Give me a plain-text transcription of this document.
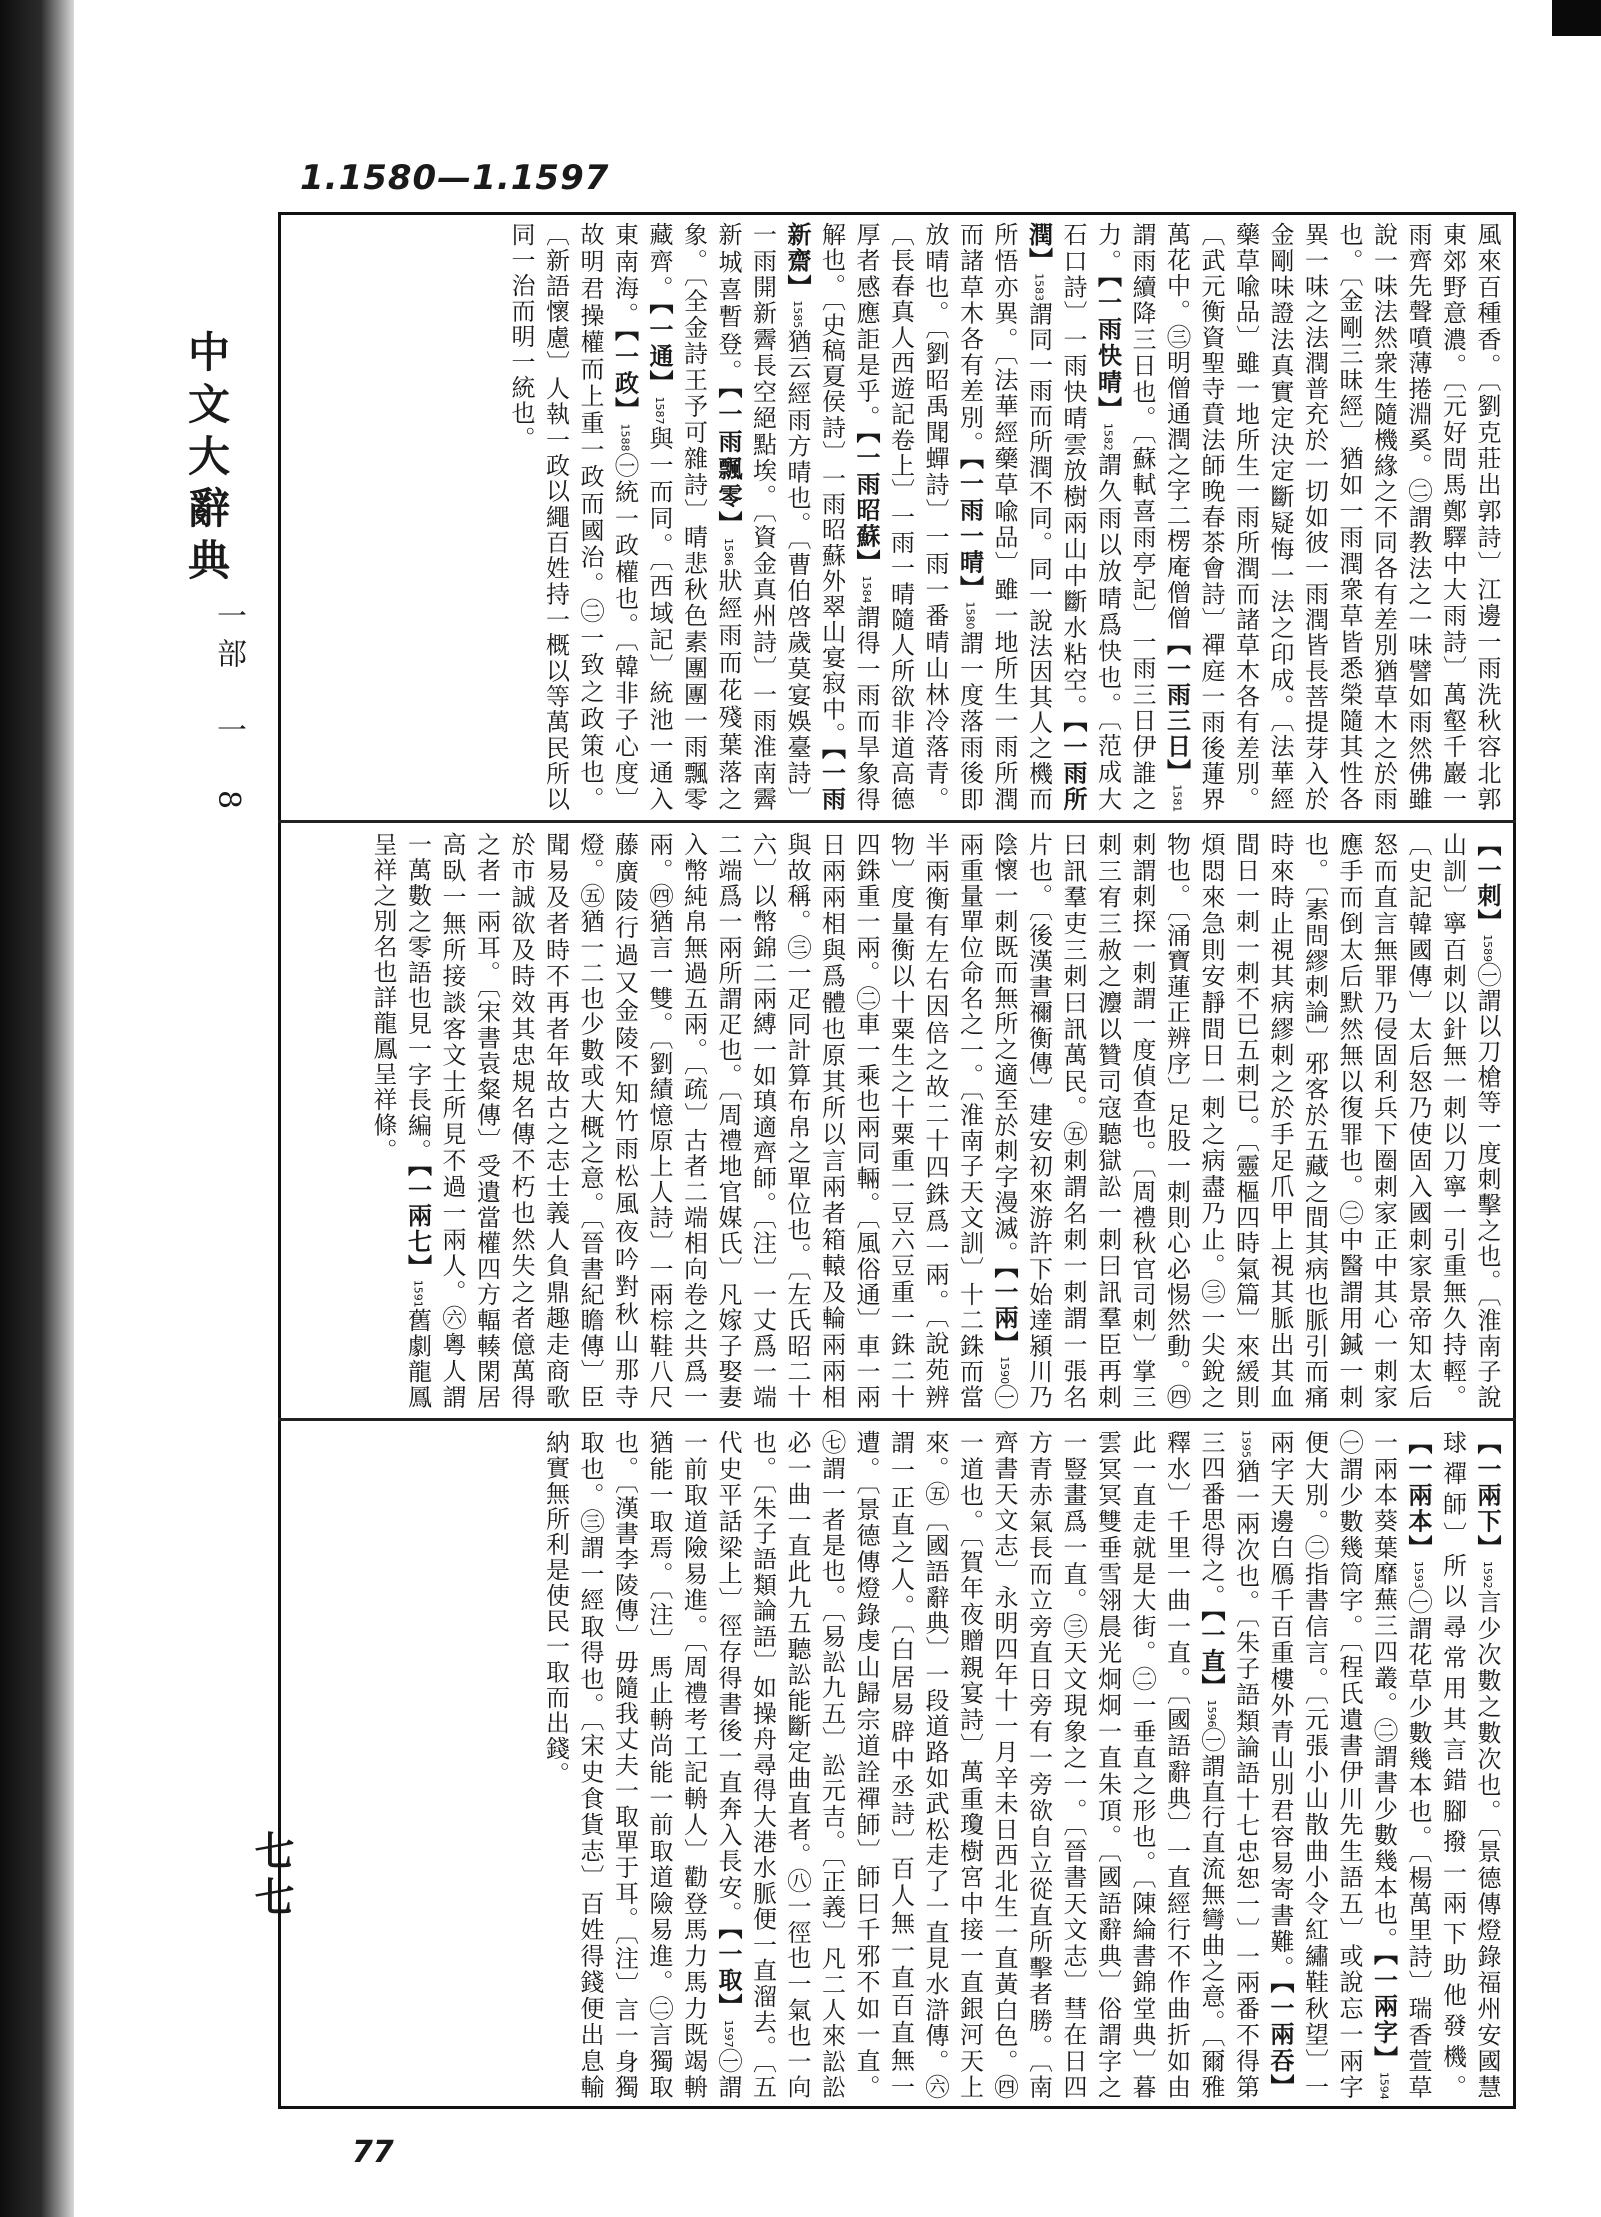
1.1580—1.1597
中文大辭典
一部　一　8
七七
77
風來百種香。〔劉克莊出郭詩〕江邊一雨洗秋容北郭東郊野意濃。〔元好問馬鄭驛中大雨詩〕萬壑千巖一雨齊先聲噴薄捲淵奚。㊁謂教法之一味譬如雨然佛雖說一味法然衆生隨機緣之不同各有差別猶草木之於雨也。〔金剛三昧經〕猶如一雨潤衆草皆悉榮隨其性各異一味之法潤普充於一切如彼一雨潤皆長菩提芽入於金剛味證法真實定決定斷疑悔一法之印成。〔法華經藥草喩品〕雖一地所生一雨所潤而諸草木各有差別。〔武元衡資聖寺賁法師晚春茶會詩〕禪庭一雨後蓮界萬花中。㊂明僧通潤之字二楞庵僧僧【一雨三日】1581謂雨續降三日也。〔蘇軾喜雨亭記〕一雨三日伊誰之力。【一雨快晴】1582謂久雨以放晴爲快也。〔范成大石口詩〕一雨快晴雲放樹兩山中斷水粘空。【一雨所潤】1583謂同一雨而所潤不同。同一說法因其人之機而所悟亦異。〔法華經藥草喩品〕雖一地所生一雨所潤而諸草木各有差別。【一雨一晴】1580謂一度落雨後即放晴也。〔劉昭禹聞蟬詩〕一雨一番晴山林冷落青。〔長春真人西遊記卷上〕一雨一晴隨人所欲非道高德厚者感應詎是乎。【一雨昭蘇】1584謂得一雨而旱象得解也。〔史稿夏侯詩〕一雨昭蘇外翠山宴寂中。【一雨新齋】1585猶云經雨方晴也。〔曹伯啓歲莫宴娛臺詩〕一雨開新霽長空絕點埃。〔資金真州詩〕一雨淮南霽新城喜暫登。【一雨飄零】1586狀經雨而花殘葉落之象。〔全金詩王予可雜詩〕晴悲秋色素團團一雨飄零藏齊。【一通】1587與一而同。〔西域記〕統池一通入東南海。【一政】1588㊀統一政權也。〔韓非子心度〕故明君操權而上重一政而國治。㊁一致之政策也。〔新語懷慮〕人執一政以繩百姓持一概以等萬民所以同一治而明一統也。
【一刺】1589㊀謂以刀槍等一度刺擊之也。〔淮南子說山訓〕寧百刺以針無一刺以刀寧一引重無久持輕。〔史記韓國傳〕太后怒乃使固入國刺家景帝知太后怒而直言無罪乃侵固利兵下圈刺家正中其心一刺家應手而倒太后默然無以復罪也。㊁中醫謂用鍼一刺也。〔素問繆刺論〕邪客於五藏之間其病也脈引而痛時來時止視其病繆刺之於手足爪甲上視其脈出其血間日一刺一刺不已五刺已。〔靈樞四時氣篇〕來緩則煩悶來急則安靜間日一刺之病盡乃止。㊂一尖銳之物也。〔涌寶蓮正辨序〕足股一刺則心必惕然動。㊃刺謂刺探一刺謂一度偵查也。〔周禮秋官司刺〕掌三刺三宥三赦之灋以贊司寇聽獄訟一刺曰訊羣臣再刺曰訊羣吏三刺曰訊萬民。㊄刺謂名刺一刺謂一張名片也。〔後漢書禰衡傳〕建安初來游許下始達潁川乃陰懷一刺既而無所之適至於刺字漫滅。【一兩】1590㊀兩重量單位命名之一。〔淮南子天文訓〕十二銖而當半兩衡有左右因倍之故二十四銖爲一兩。〔說苑辨物〕度量衡以十粟生之十粟重一豆六豆重一銖二十四銖重一兩。㊁車一乘也兩同輛。〔風俗通〕車一兩日兩兩相與爲體也原其所以言兩者箱轅及輪兩兩相與故稱。㊂一疋同計算布帛之單位也。〔左氏昭二十六〕以幣錦二兩縛一如瑱適齊師。〔注〕一丈爲一端二端爲一兩所謂疋也。〔周禮地官媒氏〕凡嫁子娶妻入幣純帛無過五兩。〔疏〕古者二端相向卷之共爲一兩。㊃猶言一雙。〔劉績憶原上人詩〕一兩棕鞋八尺藤廣陵行過又金陵不知竹雨松風夜吟對秋山那寺燈。㊄猶一二也少數或大概之意。〔晉書紀瞻傳〕臣聞易及者時不再者年故古之志士義人負鼎趣走商歌於市誠欲及時效其忠規名傳不朽也然失之者億萬得之者一兩耳。〔宋書袁粲傳〕受遺當權四方輻輳閑居高臥一無所接談客文士所見不過一兩人。㊅粵人謂一萬數之零語也見一字長編。【一兩七】1591舊劇龍鳳呈祥之別名也詳龍鳳呈祥條。
【一兩下】1592言少次數之數次也。〔景德傳燈錄福州安國慧球禪師〕所以尋常用其言錯腳撥一兩下助他發機。【一兩本】1593㊀謂花草少數幾本也。〔楊萬里詩〕瑞香萱草一兩本葵葉靡蕪三四叢。㊁謂書少數幾本也。【一兩字】1594㊀謂少數幾筒字。〔程氏遺書伊川先生語五〕或說忘一兩字便大別。㊁指書信言。〔元張小山散曲小令紅繡鞋秋望〕一兩字天邊白鴈千百重樓外青山別君容易寄書難。【一兩吞】1595猶一兩次也。〔朱子語類論語十七忠恕一〕一兩番不得第三四番思得之。【一直】1596㊀謂直行直流無彎曲之意。〔爾雅釋水〕千里一曲一直。〔國語辭典〕一直經行不作曲折如由此一直走就是大街。㊁一垂直之形也。〔陳綸書錦堂典〕暮雲冥冥雙垂雪翎晨光炯炯一直朱頂。〔國語辭典〕俗謂字之一豎畫爲一直。㊂天文現象之一。〔晉書天文志〕彗在日四方青赤氣長而立旁直日旁有一旁欲自立從直所擊者勝。〔南齊書天文志〕永明四年十一月辛未日西北生一直黃白色。㊃一道也。〔賀年夜贈親宴詩〕萬重瓊樹宮中接一直銀河天上來。㊄〔國語辭典〕一段道路如武松走了一直見水滸傳。㊅謂一正直之人。〔白居易辟中丞詩〕百人無一直百直無一遭。〔景德傳燈錄虔山歸宗道詮禪師〕師曰千邪不如一直。㊆謂一者是也。〔易訟九五〕訟元吉。〔正義〕凡二人來訟訟必一曲一直此九五聽訟能斷定曲直者。㊇一徑也一氣也一向也。〔朱子語類論語〕如操舟尋得大港水脈便一直溜去。〔五代史平話梁上〕徑存得書後一直奔入長安。【一取】1597㊀謂一前取道險易進。〔周禮考工記輈人〕勸登馬力馬力既竭輈猶能一取焉。〔注〕馬止輈尚能一前取道險易進。㊁言獨取也。〔漢書李陵傳〕毋隨我丈夫一取單于耳。〔注〕言一身獨取也。㊂謂一經取得也。〔宋史食貨志〕百姓得錢便出息輸納實無所利是使民一取而出錢。
